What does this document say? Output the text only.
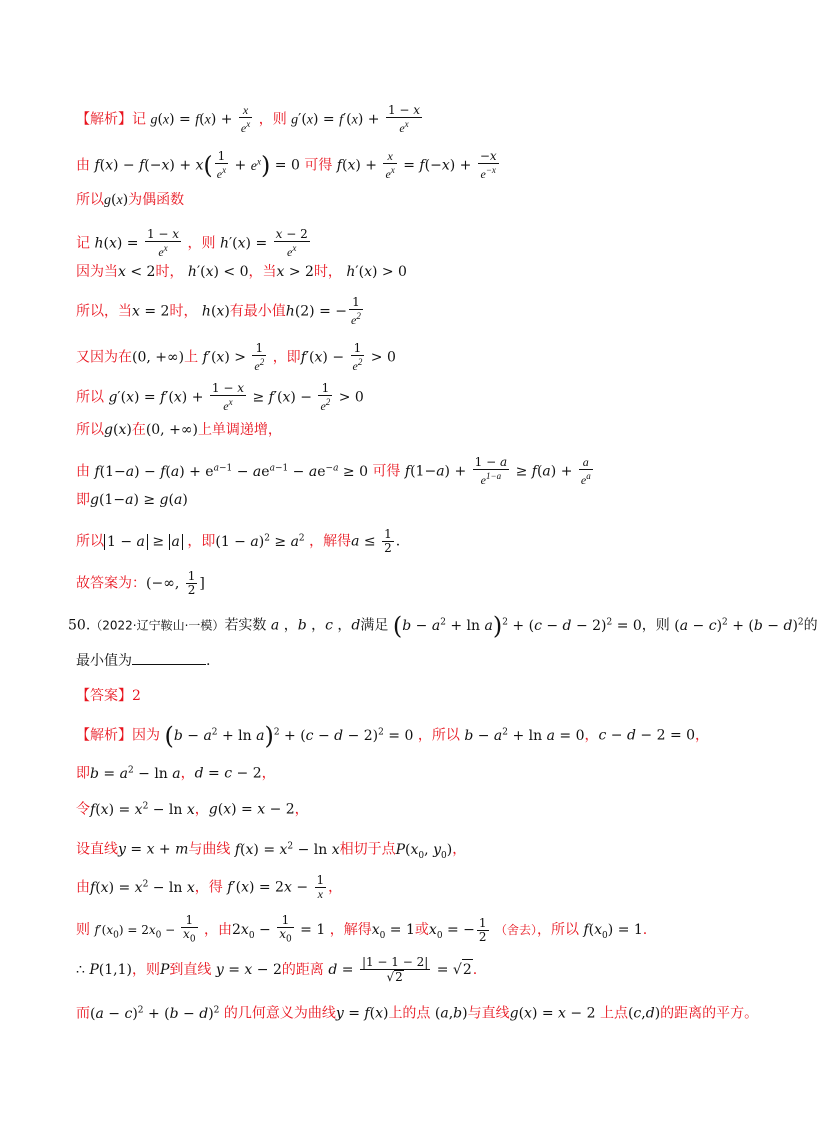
【解析】记 $g(x) = f(x) + \frac{x}{e^x}$ ，则 $g'(x) = f'(x) + \frac{1 - x}{e^x}$
由 $f(x) - f(-x) + x( \frac{1}{e^x} + e^x) = 0$ 可得 $f(x) + \frac{x}{e^x} = f(-x) + \frac{-x}{e^{-x}}$
所以g(x)为偶函数
记 $h(x) = \frac{1 - x}{e^x}$ ，则 $h'(x) = \frac{x - 2}{e^x}$
因为当x < 2时， h′(x) < 0，当x > 2时， h′(x) > 0
所以，当x = 2时， h(x)有最小值h(2) = − $\frac{1}{e^2}$
又因为在(0, +∞)上 $f'(x) > \frac{1}{e^2}$ ，即$f'(x) - \frac{1}{e^2} > 0$
所以 $g'(x) = f'(x) + \frac{1 - x}{e^x} \ge f'(x) - \frac{1}{e^2} > 0$
所以g(x)在(0, +∞)上单调递增，
由 $f(1-a) - f(a) + e^{a-1} - ae^{a-1} - ae^{-a} \ge 0$ 可得 $f(1-a) + \frac{1 - a}{e^{1-a}} \ge f(a) + \frac{a}{e^a}$
即g(1−a) ≥ g(a)
所以 1 − a ≥ a ，即$(1 - a)^2 \ge a^2$ ，解得$a \le \frac{1}{2}$ .
故答案为：(−∞, $\frac{1}{2}$ ]
50.（2022·辽宁鞍山·一模）若实数 a ，b ，c ，d满足 $(b - a^2 + \ln a)^2 + (c - d - 2)^2 = 0$，则 $(a - c)^2 + (b - d)^2$的
最小值为	.
【答案】2
【解析】因为 $(b - a^2 + \ln a)^2 + (c - d - 2)^2 = 0$ ，所以 $b - a^2 + \ln a = 0$，c − d − 2 = 0，
即$b = a^2 - \ln a$，d = c − 2，
令$f(x) = x^2 - \ln x$，g(x) = x − 2，
设直线y = x + m与曲线 $f(x) = x^2 - \ln x$相切于点$P(x_0$, $y_0$)，
由$f(x) = x^2 - \ln x$，得 $f'(x) = 2x - \frac{1}{x}$ ，
则 $f'(x_0) = 2x_0 - \frac{1}{x_0}$ ，由$2x_0 - \frac{1}{x_0} = 1$ ，解得$x_0 = 1$或$x_0$ = − $\frac{1}{2}$ （舍去），所以 $f(x_0) = 1$.
∴ P(1,1)，则P到直线 y = x − 2的距离 $d = \frac{|1 - 1 - 2|}{√2} = √2$.
而$(a - c)^2 + (b - d)^2$ 的几何意义为曲线y = f(x)上的点 (a,b)与直线g(x) = x − 2 上点(c,d)的距离的平方。
